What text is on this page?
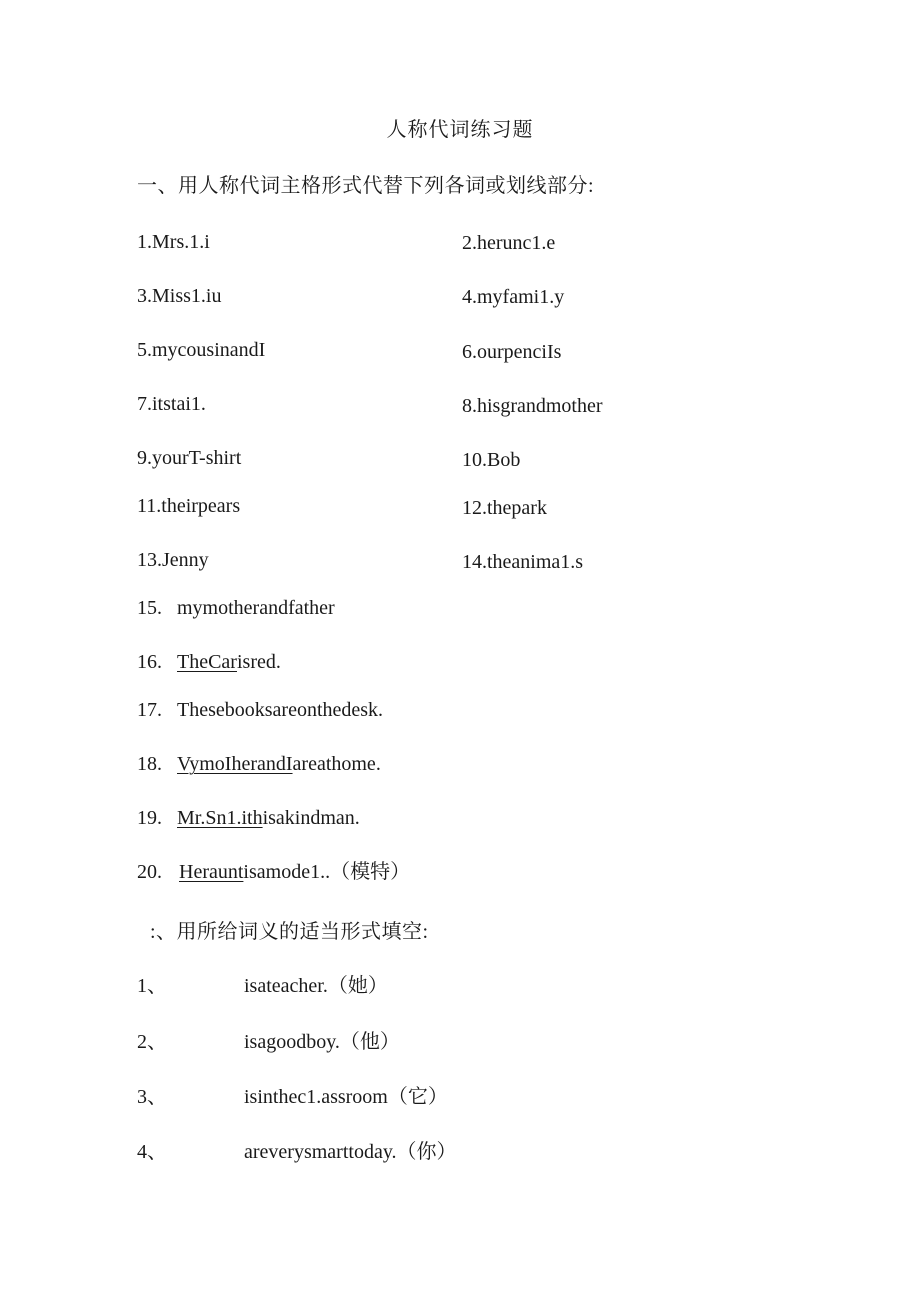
人称代词练习题
一、用人称代词主格形式代替下列各词或划线部分:
1.Mrs.1.i	2.herunc1.e
3.Miss1.iu	4.myfami1.y
5.mycousinandI	6.ourpenciIs
7.itstai1.	8.hisgrandmother
9.yourT-shirt	10.Bob
11.theirpears	12.thepark
13.Jenny	14.theanima1.s
15. mymotherandfather
16. TheCarisred.
17. Thesebooksareonthedesk.
18. VymoIherandIareathome.
19. Mr.Sn1.ithisakindman.
20. Herauntisamode1..（模特）
:、用所给词义的适当形式填空:
1、	isateacher.（她）
2、	isagoodboy.（他）
3、	isinthec1.assroom（它）
4、	areverysmarttoday.（你）
